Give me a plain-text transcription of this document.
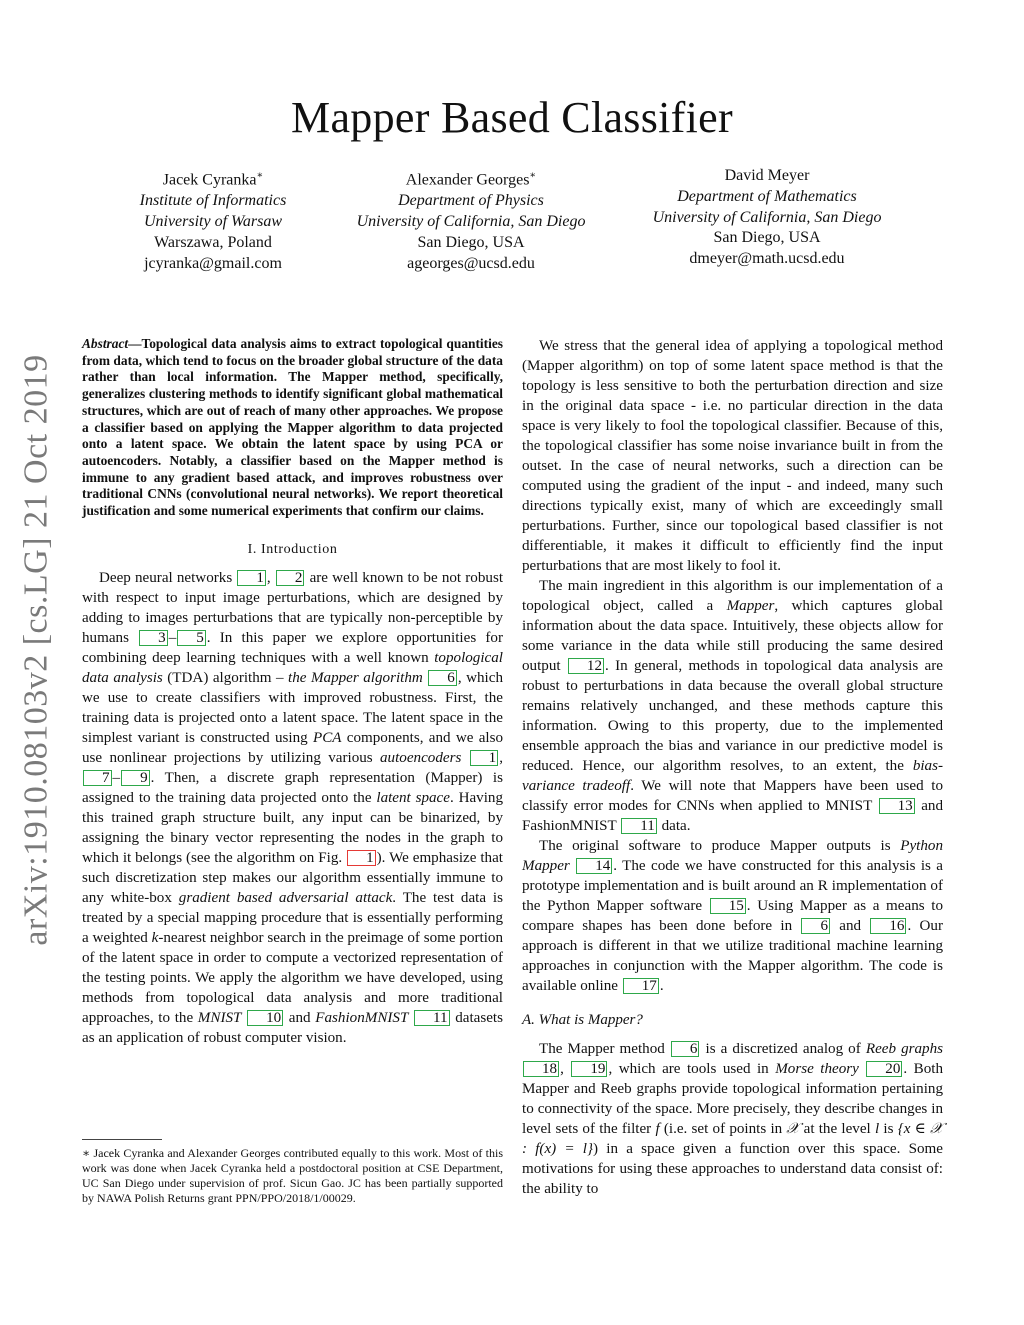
arXiv:1910.08103v2 [cs.LG] 21 Oct 2019
Mapper Based Classifier
Jacek Cyranka∗
Institute of Informatics
University of Warsaw
Warszawa, Poland
jcyranka@gmail.com
Alexander Georges∗
Department of Physics
University of California, San Diego
San Diego, USA
ageorges@ucsd.edu
David Meyer
Department of Mathematics
University of California, San Diego
San Diego, USA
dmeyer@math.ucsd.edu

Abstract—Topological data analysis aims to extract topological quantities from data, which tend to focus on the broader global structure of the data rather than local information. The Mapper method, specifically, generalizes clustering methods to identify significant global mathematical structures, which are out of reach of many other approaches. We propose a classifier based on applying the Mapper algorithm to data projected onto a latent space. We obtain the latent space by using PCA or autoencoders. Notably, a classifier based on the Mapper method is immune to any gradient based attack, and improves robustness over traditional CNNs (convolutional neural networks). We report theoretical justification and some numerical experiments that confirm our claims.

I. Introduction

Deep neural networks 1 , 2 are well known to be not robust with respect to input image perturbations, which are designed by adding to images perturbations that are typically non-perceptible by humans 3 – 5 . In this paper we explore opportunities for combining deep learning techniques with a well known topological data analysis (TDA) algorithm – the Mapper algorithm 6 , which we use to create classifiers with improved robustness. First, the training data is projected onto a latent space. The latent space in the simplest variant is constructed using PCA components, and we also use nonlinear projections by utilizing various autoencoders 1 , 7 – 9 . Then, a discrete graph representation (Mapper) is assigned to the training data projected onto the latent space. Having this trained graph structure built, any input can be binarized, by assigning the binary vector representing the nodes in the graph to which it belongs (see the algorithm on Fig. 1 ). We emphasize that such discretization step makes our algorithm essentially immune to any white-box gradient based adversarial attack. The test data is treated by a special mapping procedure that is essentially performing a weighted k-nearest neighbor search in the preimage of some portion of the latent space in order to compute a vectorized representation of the testing points. We apply the algorithm we have developed, using methods from topological data analysis and more traditional approaches, to the MNIST 10 and FashionMNIST 11 datasets as an application of robust computer vision.

∗ Jacek Cyranka and Alexander Georges contributed equally to this work. Most of this work was done when Jacek Cyranka held a postdoctoral position at CSE Department, UC San Diego under supervision of prof. Sicun Gao. JC has been partially supported by NAWA Polish Returns grant PPN/PPO/2018/1/00029.

We stress that the general idea of applying a topological method (Mapper algorithm) on top of some latent space method is that the topology is less sensitive to both the perturbation direction and size in the original data space - i.e. no particular direction in the data space is very likely to fool the topological classifier. Because of this, the topological classifier has some noise invariance built in from the outset. In the case of neural networks, such a direction can be computed using the gradient of the input - and indeed, many such directions typically exist, many of which are exceedingly small perturbations. Further, since our topological based classifier is not differentiable, it makes it difficult to efficiently find the input perturbations that are most likely to fool it.

The main ingredient in this algorithm is our implementation of a topological object, called a Mapper, which captures global information about the data space. Intuitively, these objects allow for some variance in the data while still producing the same desired output 12 . In general, methods in topological data analysis are robust to perturbations in data because the overall global structure remains relatively unchanged, and these methods capture this information. Owing to this property, due to the implemented ensemble approach the bias and variance in our predictive model is reduced. Hence, our algorithm resolves, to an extent, the bias-variance tradeoff. We will note that Mappers have been used to classify error modes for CNNs when applied to MNIST 13 and FashionMNIST 11 data.

The original software to produce Mapper outputs is Python Mapper 14 . The code we have constructed for this analysis is a prototype implementation and is built around an R implementation of the Python Mapper software 15 . Using Mapper as a means to compare shapes has been done before in 6 and 16 . Our approach is different in that we utilize traditional machine learning approaches in conjunction with the Mapper algorithm. The code is available online 17 .

A. What is Mapper?

The Mapper method 6 is a discretized analog of Reeb graphs 18 , 19 , which are tools used in Morse theory 20 . Both Mapper and Reeb graphs provide topological information pertaining to connectivity of the space. More precisely, they describe changes in level sets of the filter f (i.e. set of points in 𝒳 at the level l is {x ∈ 𝒳 : f(x) = l}) in a space given a function over this space. Some motivations for using these approaches to understand data consist of: the ability to
